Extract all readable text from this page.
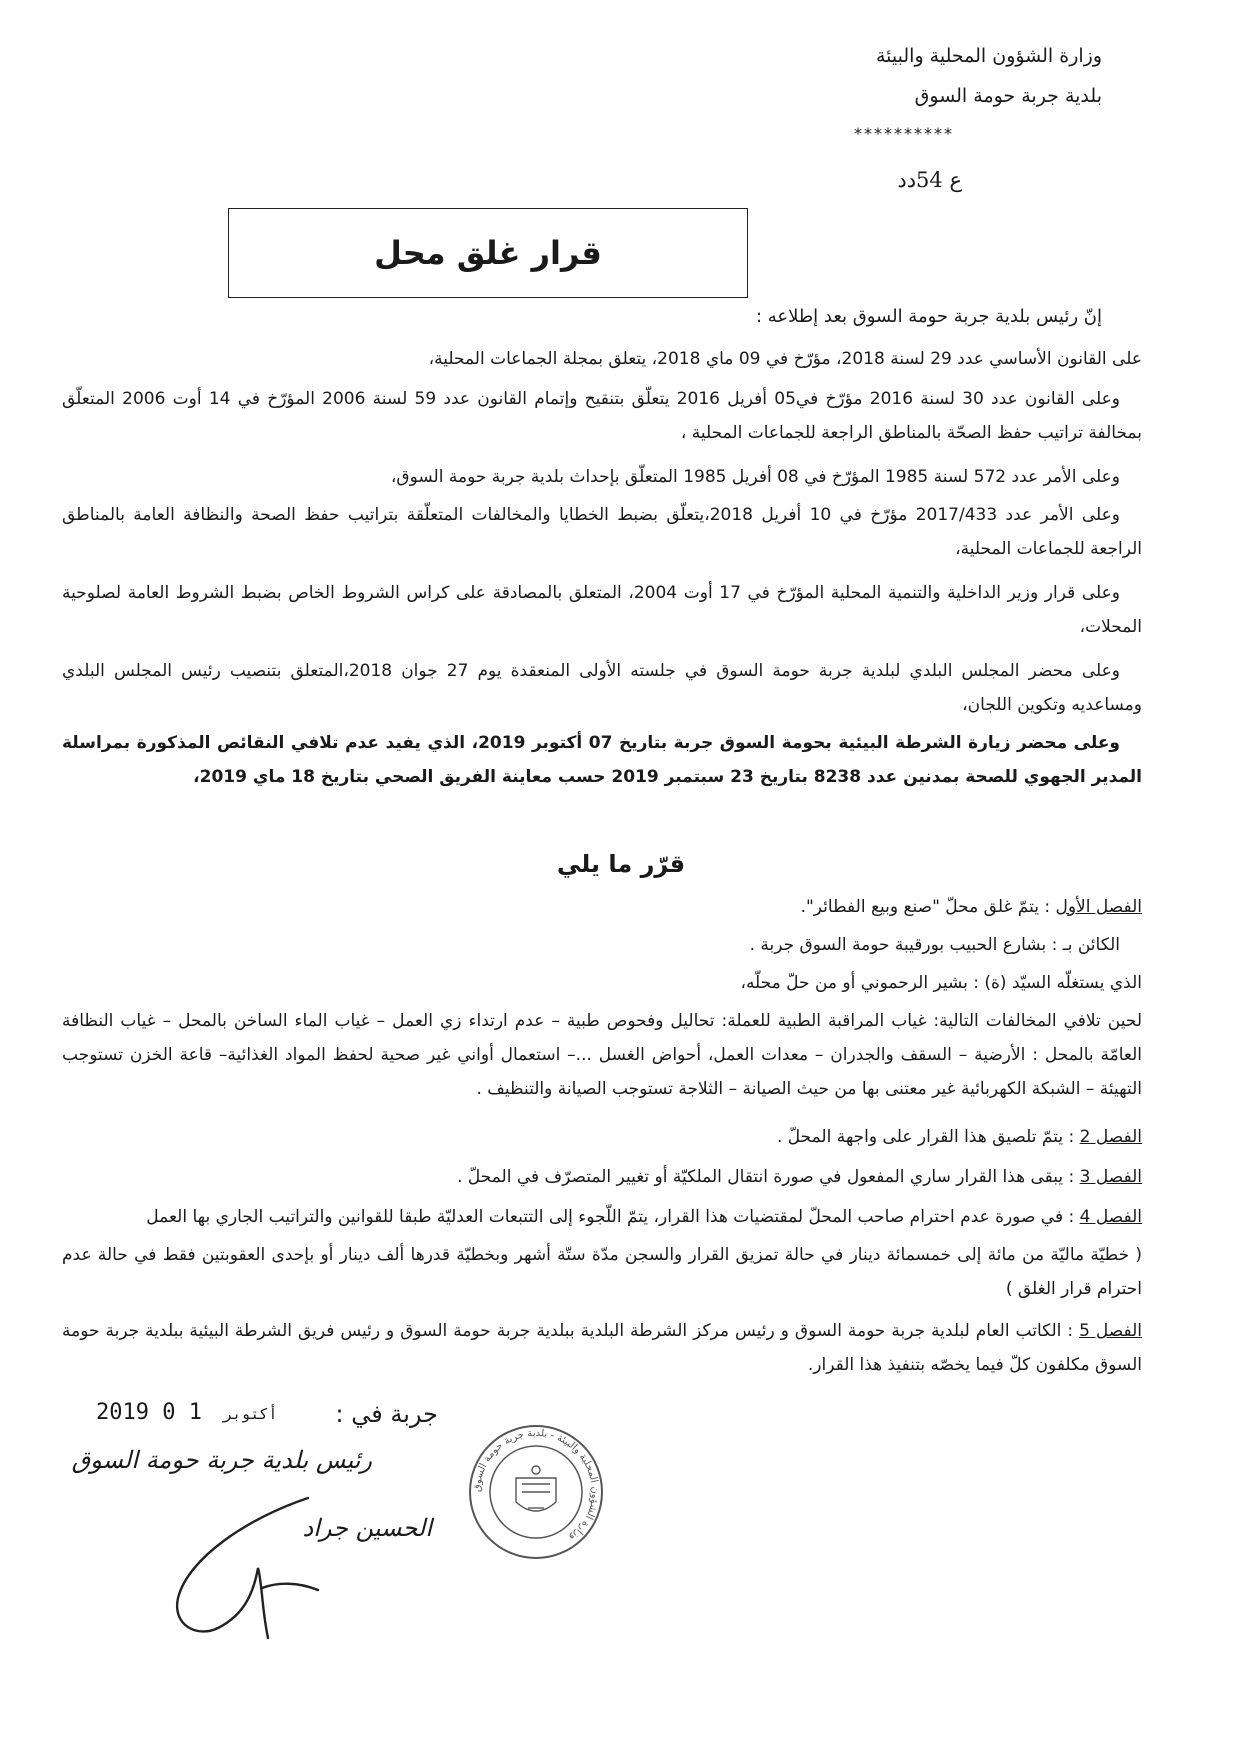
وزارة الشؤون المحلية والبيئة
بلدية جربة حومة السوق
**********
ع 54دد
قرار غلق محل
إنّ رئيس بلدية جربة حومة السوق بعد إطلاعه :
على القانون الأساسي عدد 29 لسنة 2018، مؤرّخ في 09 ماي 2018، يتعلق بمجلة الجماعات المحلية،
وعلى القانون عدد 30 لسنة 2016 مؤرّخ في05 أفريل 2016 يتعلّق بتنقيح وإتمام القانون عدد 59 لسنة 2006 المؤرّخ في 14 أوت 2006 المتعلّق بمخالفة تراتيب حفظ الصحّة بالمناطق الراجعة للجماعات المحلية ،
وعلى الأمر عدد 572 لسنة 1985 المؤرّخ في 08 أفريل 1985 المتعلّق بإحداث بلدية جربة حومة السوق،
وعلى الأمر عدد 2017/433 مؤرّخ في 10 أفريل 2018،يتعلّق بضبط الخطايا والمخالفات المتعلّقة بتراتيب حفظ الصحة والنظافة العامة بالمناطق الراجعة للجماعات المحلية،
وعلى قرار وزير الداخلية والتنمية المحلية المؤرّخ في 17 أوت 2004، المتعلق بالمصادقة على كراس الشروط الخاص بضبط الشروط العامة لصلوحية المحلات،
وعلى محضر المجلس البلدي لبلدية جربة حومة السوق في جلسته الأولى المنعقدة يوم 27 جوان 2018،المتعلق بتنصيب رئيس المجلس البلدي ومساعديه وتكوين اللجان،
وعلى محضر زيارة الشرطة البيئية بحومة السوق جربة بتاريخ 07 أكتوبر 2019، الذي يفيد عدم تلافي النقائص المذكورة بمراسلة المدير الجهوي للصحة بمدنين عدد 8238 بتاريخ 23 سبتمبر 2019 حسب معاينة الفريق الصحي بتاريخ 18 ماي 2019،
قرّر ما يلي
الفصل الأول : يتمّ غلق محلّ "صنع وبيع الفطائر".
الكائن بـ : بشارع الحبيب بورقيبة حومة السوق جربة .
الذي يستغلّه السيّد (ة) : بشير الرحموني أو من حلّ محلّه،
لحين تلافي المخالفات التالية: غياب المراقبة الطبية للعملة: تحاليل وفحوص طبية – عدم ارتداء زي العمل – غياب الماء الساخن بالمحل – غياب النظافة العامّة بالمحل : الأرضية – السقف والجدران – معدات العمل، أحواض الغسل ...– استعمال أواني غير صحية لحفظ المواد الغذائية– قاعة الخزن تستوجب التهيئة – الشبكة الكهربائية غير معتنى بها من حيث الصيانة – الثلاجة تستوجب الصيانة والتنظيف .
الفصل 2 : يتمّ تلصيق هذا القرار على واجهة المحلّ .
الفصل 3 : يبقى هذا القرار ساري المفعول في صورة انتقال الملكيّة أو تغيير المتصرّف في المحلّ .
الفصل 4 : في صورة عدم احترام صاحب المحلّ لمقتضيات هذا القرار، يتمّ اللّجوء إلى التتبعات العدليّة طبقا للقوانين والتراتيب الجاري بها العمل
( خطيّة ماليّة من مائة إلى خمسمائة دينار في حالة تمزيق القرار والسجن مدّة ستّة أشهر وبخطيّة قدرها ألف دينار أو بإحدى العقوبتين فقط في حالة عدم احترام قرار الغلق )
الفصل 5 : الكاتب العام لبلدية جربة حومة السوق و رئيس مركز الشرطة البلدية ببلدية جربة حومة السوق و رئيس فريق الشرطة البيئية ببلدية جربة حومة السوق مكلفون كلّ فيما يخصّه بتنفيذ هذا القرار.
جربة في :
2019	أكتوبر 1 0
رئيس بلدية جربة حومة السوق
الحسين جراد
وزارة الشؤون المحلية والبيئة - بلدية جربة حومة السوق
